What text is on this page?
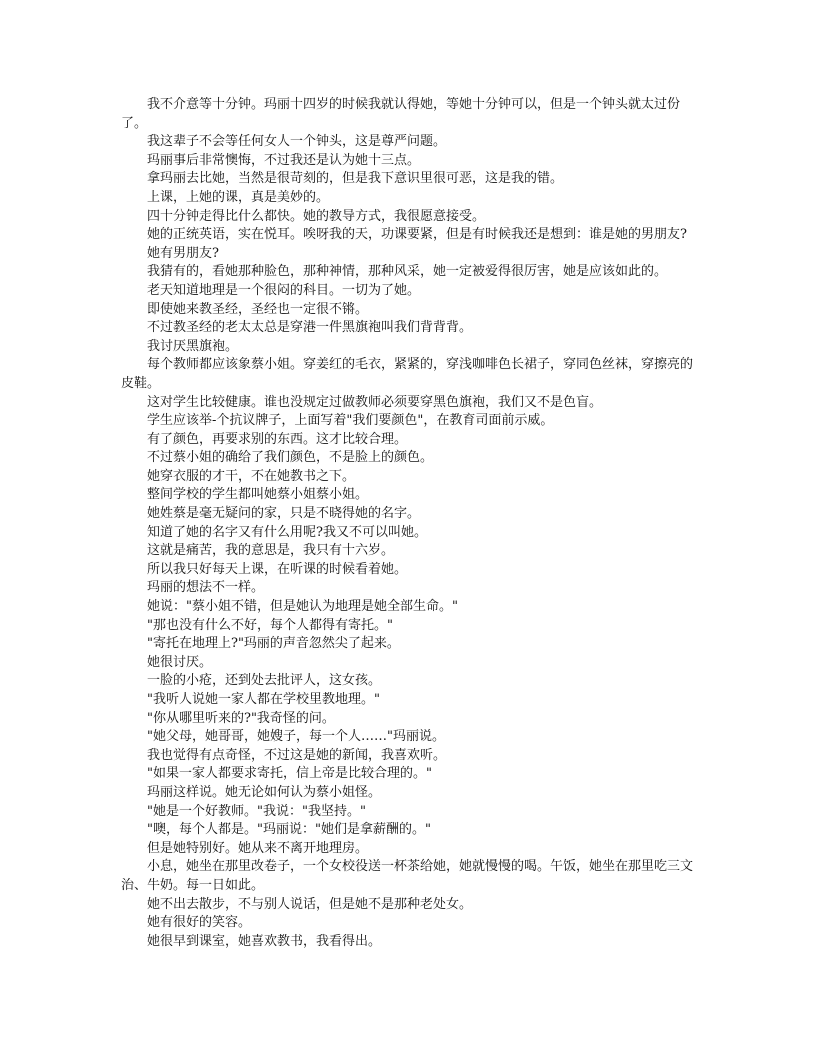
我不介意等十分钟。玛丽十四岁的时候我就认得她，等她十分钟可以，但是一个钟头就太过份了。

我这辈子不会等任何女人一个钟头，这是尊严问题。

玛丽事后非常懊悔，不过我还是认为她十三点。

拿玛丽去比她，当然是很苛刻的，但是我下意识里很可恶，这是我的错。

上课，上她的课，真是美妙的。

四十分钟走得比什么都快。她的教导方式，我很愿意接受。

她的正统英语，实在悦耳。唉呀我的天，功课要紧，但是有时候我还是想到：谁是她的男朋友?

她有男朋友?

我猜有的，看她那种脸色，那种神情，那种风采，她一定被爱得很厉害，她是应该如此的。

老天知道地理是一个很闷的科目。一切为了她。

即使她来教圣经，圣经也一定很不锵。

不过教圣经的老太太总是穿港一件黑旗袍叫我们背背背。

我讨厌黑旗袍。

每个教师都应该象蔡小姐。穿姜红的毛衣，紧紧的，穿浅咖啡色长裙子，穿同色丝袜，穿擦亮的皮鞋。

这对学生比较健康。谁也没规定过做教师必须要穿黑色旗袍，我们又不是色盲。

学生应该举-个抗议牌子，上面写着"我们要颜色"，在教育司面前示威。

有了颜色，再要求别的东西。这才比较合理。

不过蔡小姐的确给了我们颜色，不是脸上的颜色。

她穿衣服的才干，不在她教书之下。

整间学校的学生都叫她蔡小姐蔡小姐。

她姓蔡是毫无疑问的家，只是不晓得她的名字。

知道了她的名字又有什么用呢?我又不可以叫她。

这就是痛苦，我的意思是，我只有十六岁。

所以我只好每天上课，在听课的时候看着她。

玛丽的想法不一样。

她说："蔡小姐不错，但是她认为地理是她全部生命。"

"那也没有什么不好，每个人都得有寄托。"

"寄托在地理上?"玛丽的声音忽然尖了起来。

她很讨厌。

一脸的小疮，还到处去批评人，这女孩。

"我听人说她一家人都在学校里教地理。"

"你从哪里听来的?"我奇怪的问。

"她父母，她哥哥，她嫂子，每一个人……"玛丽说。

我也觉得有点奇怪，不过这是她的新闻，我喜欢听。

"如果一家人都要求寄托，信上帝是比较合理的。"

玛丽这样说。她无论如何认为蔡小姐怪。

"她是一个好教师。"我说："我坚持。"

"噢，每个人都是。"玛丽说："她们是拿薪酬的。"

但是她特别好。她从来不离开地理房。

小息，她坐在那里改卷子，一个女校役送一杯茶给她，她就慢慢的喝。午饭，她坐在那里吃三文治、牛奶。每一日如此。

她不出去散步，不与别人说话，但是她不是那种老处女。

她有很好的笑容。

她很早到课室，她喜欢教书，我看得出。
